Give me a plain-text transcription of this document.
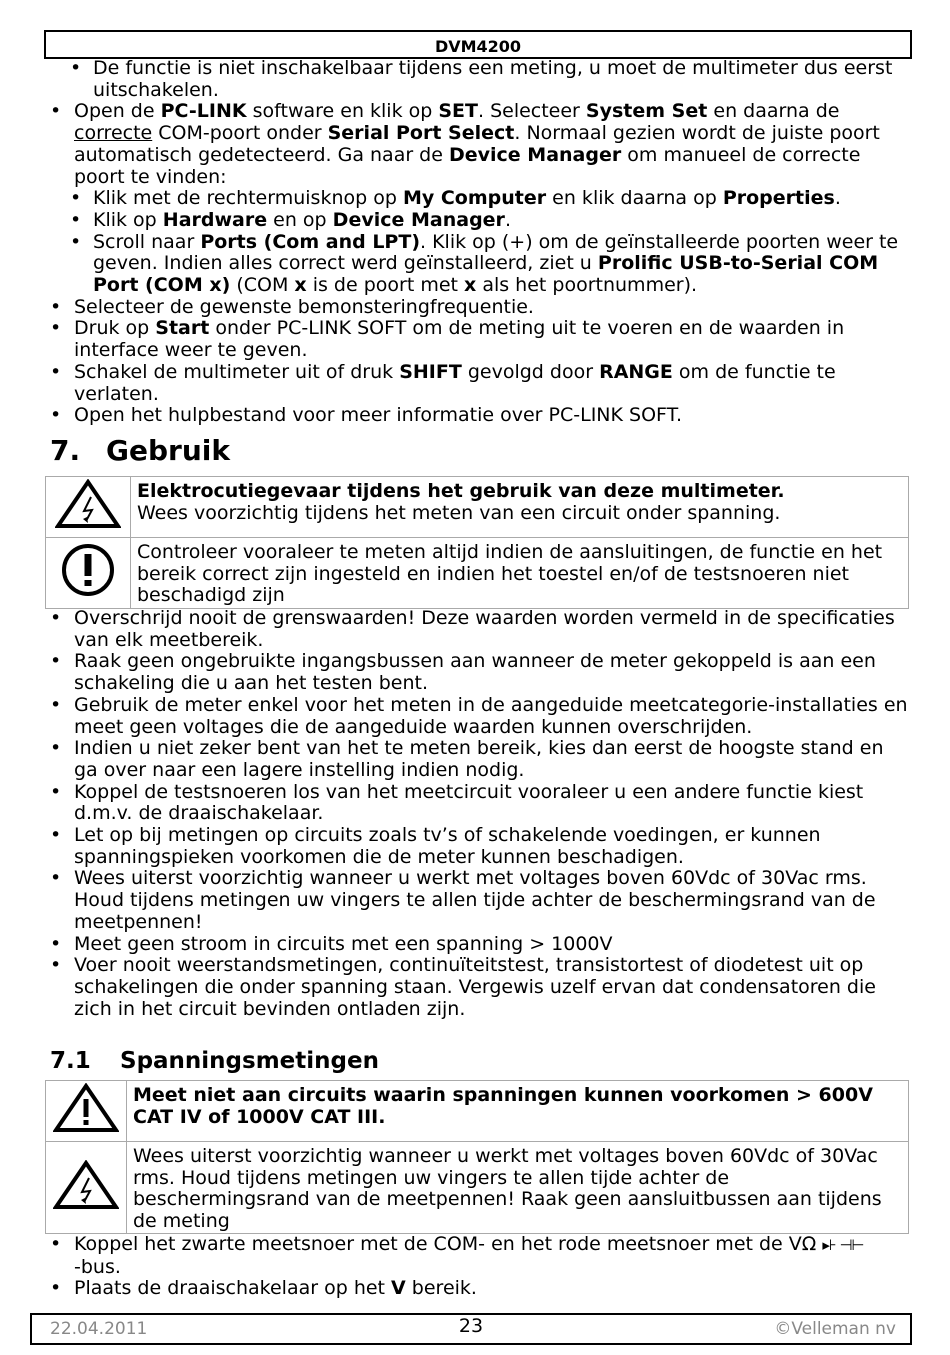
DVM4200
• De functie is niet inschakelbaar tijdens een meting, u moet de multimeter dus eerst uitschakelen.
• Open de PC-LINK software en klik op SET. Selecteer System Set en daarna de correcte COM-poort onder Serial Port Select. Normaal gezien wordt de juiste poort automatisch gedetecteerd. Ga naar de Device Manager om manueel de correcte poort te vinden:
• Klik met de rechtermuisknop op My Computer en klik daarna op Properties.
• Klik op Hardware en op Device Manager.
• Scroll naar Ports (Com and LPT). Klik op (+) om de geïnstalleerde poorten weer te geven. Indien alles correct werd geïnstalleerd, ziet u Prolific USB-to-Serial COM Port (COM x) (COM x is de poort met x als het poortnummer).
• Selecteer de gewenste bemonsteringfrequentie.
• Druk op Start onder PC-LINK SOFT om de meting uit te voeren en de waarden in interface weer te geven.
• Schakel de multimeter uit of druk SHIFT gevolgd door RANGE om de functie te verlaten.
• Open het hulpbestand voor meer informatie over PC-LINK SOFT.
7. Gebruik
	Elektrocutiegevaar tijdens het gebruik van deze multimeter.
Wees voorzichtig tijdens het meten van een circuit onder spanning.
	Controleer vooraleer te meten altijd indien de aansluitingen, de functie en het bereik correct zijn ingesteld en indien het toestel en/of de testsnoeren niet beschadigd zijn
• Overschrijd nooit de grenswaarden! Deze waarden worden vermeld in de specificaties van elk meetbereik.
• Raak geen ongebruikte ingangsbussen aan wanneer de meter gekoppeld is aan een schakeling die u aan het testen bent.
• Gebruik de meter enkel voor het meten in de aangeduide meetcategorie-installaties en meet geen voltages die de aangeduide waarden kunnen overschrijden.
• Indien u niet zeker bent van het te meten bereik, kies dan eerst de hoogste stand en ga over naar een lagere instelling indien nodig.
• Koppel de testsnoeren los van het meetcircuit vooraleer u een andere functie kiest d.m.v. de draaischakelaar.
• Let op bij metingen op circuits zoals tv’s of schakelende voedingen, er kunnen spanningspieken voorkomen die de meter kunnen beschadigen.
• Wees uiterst voorzichtig wanneer u werkt met voltages boven 60Vdc of 30Vac rms. Houd tijdens metingen uw vingers te allen tijde achter de beschermingsrand van de meetpennen!
• Meet geen stroom in circuits met een spanning > 1000V
• Voer nooit weerstandsmetingen, continuïteitstest, transistortest of diodetest uit op schakelingen die onder spanning staan. Vergewis uzelf ervan dat condensatoren die zich in het circuit bevinden ontladen zijn.
7.1 Spanningsmetingen
	Meet niet aan circuits waarin spanningen kunnen voorkomen > 600V CAT IV of 1000V CAT III.
	Wees uiterst voorzichtig wanneer u werkt met voltages boven 60Vdc of 30Vac rms. Houd tijdens metingen uw vingers te allen tijde achter de beschermingsrand van de meetpennen! Raak geen aansluitbussen aan tijdens de meting
• Koppel het zwarte meetsnoer met de COM- en het rode meetsnoer met de VΩ ▸⊦ ⊣⊢
-bus.
• Plaats de draaischakelaar op het V bereik.
22.04.2011	23	©Velleman nv
